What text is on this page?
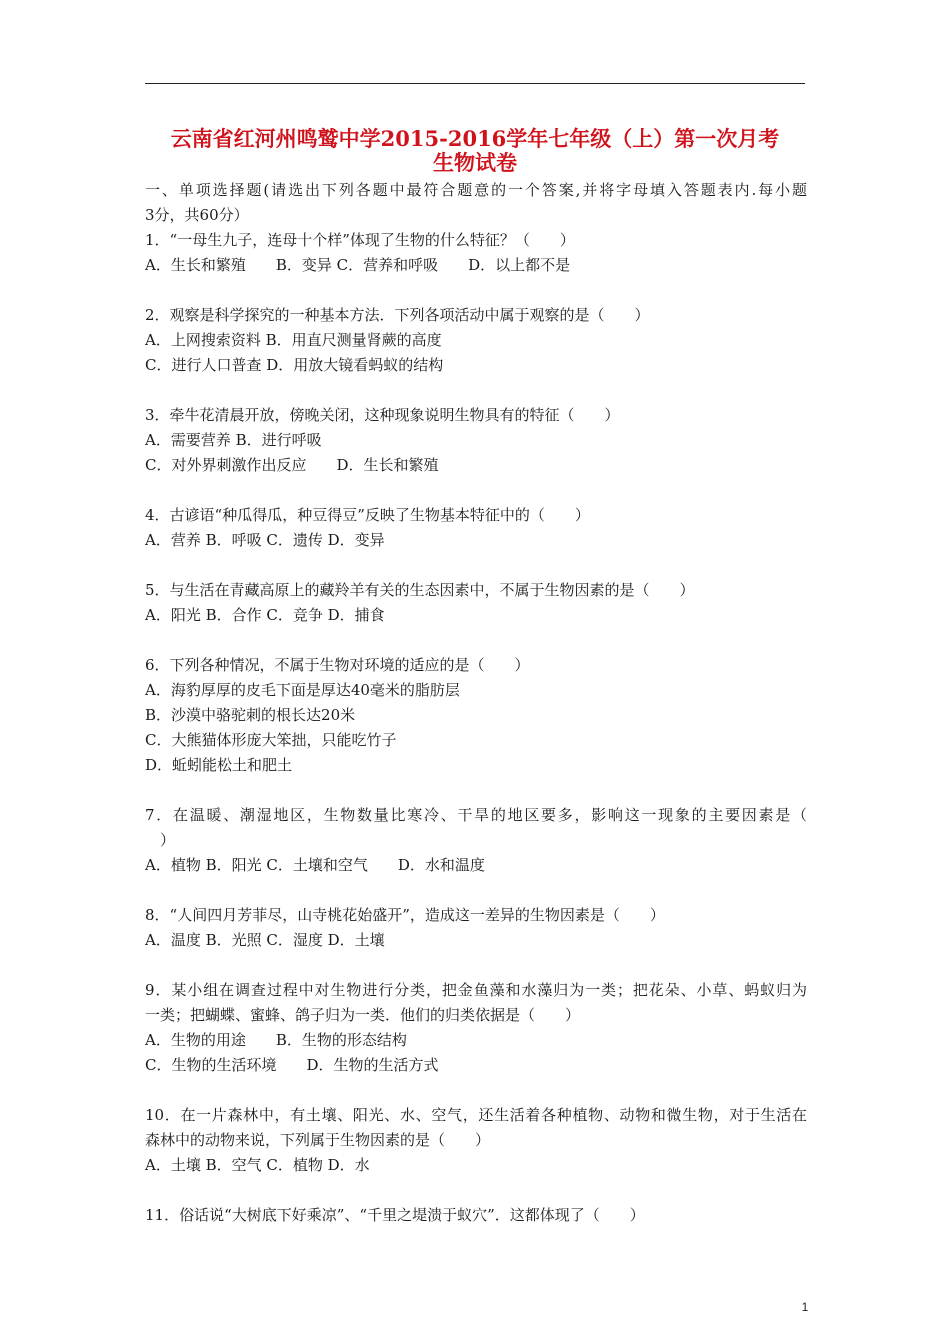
云南省红河州鸣鹫中学2015-2016学年七年级（上）第一次月考
生物试卷
一、单项选择题(请选出下列各题中最符合题意的一个答案,并将字母填入答题表内.每小题
3分，共60分）
1．“一母生九子，连母十个样”体现了生物的什么特征？（　　）
A．生长和繁殖　　B．变异 C．营养和呼吸　　D．以上都不是
2．观察是科学探究的一种基本方法．下列各项活动中属于观察的是（　　）
A．上网搜索资料 B．用直尺测量肾蕨的高度
C．进行人口普查 D．用放大镜看蚂蚁的结构
3．牵牛花清晨开放，傍晚关闭，这种现象说明生物具有的特征（　　）
A．需要营养 B．进行呼吸
C．对外界刺激作出反应　　D．生长和繁殖
4．古谚语“种瓜得瓜，种豆得豆”反映了生物基本特征中的（　　）
A．营养 B．呼吸 C．遗传 D．变异
5．与生活在青藏高原上的藏羚羊有关的生态因素中，不属于生物因素的是（　　）
A．阳光 B．合作 C．竞争 D．捕食
6．下列各种情况，不属于生物对环境的适应的是（　　）
A．海豹厚厚的皮毛下面是厚达40毫米的脂肪层
B．沙漠中骆驼刺的根长达20米
C．大熊猫体形庞大笨拙，只能吃竹子
D．蚯蚓能松土和肥土
7．在温暖、潮湿地区，生物数量比寒冷、干旱的地区要多，影响这一现象的主要因素是（
　）
A．植物 B．阳光 C．土壤和空气　　D．水和温度
8．“人间四月芳菲尽，山寺桃花始盛开”，造成这一差异的生物因素是（　　）
A．温度 B．光照 C．湿度 D．土壤
9．某小组在调查过程中对生物进行分类，把金鱼藻和水藻归为一类；把花朵、小草、蚂蚁归为
一类；把蝴蝶、蜜蜂、鸽子归为一类．他们的归类依据是（　　）
A．生物的用途　　B．生物的形态结构
C．生物的生活环境　　D．生物的生活方式
10．在一片森林中，有土壤、阳光、水、空气，还生活着各种植物、动物和微生物，对于生活在
森林中的动物来说，下列属于生物因素的是（　　）
A．土壤 B．空气 C．植物 D．水
11．俗话说“大树底下好乘凉”、“千里之堤溃于蚁穴”．这都体现了（　　）
1
